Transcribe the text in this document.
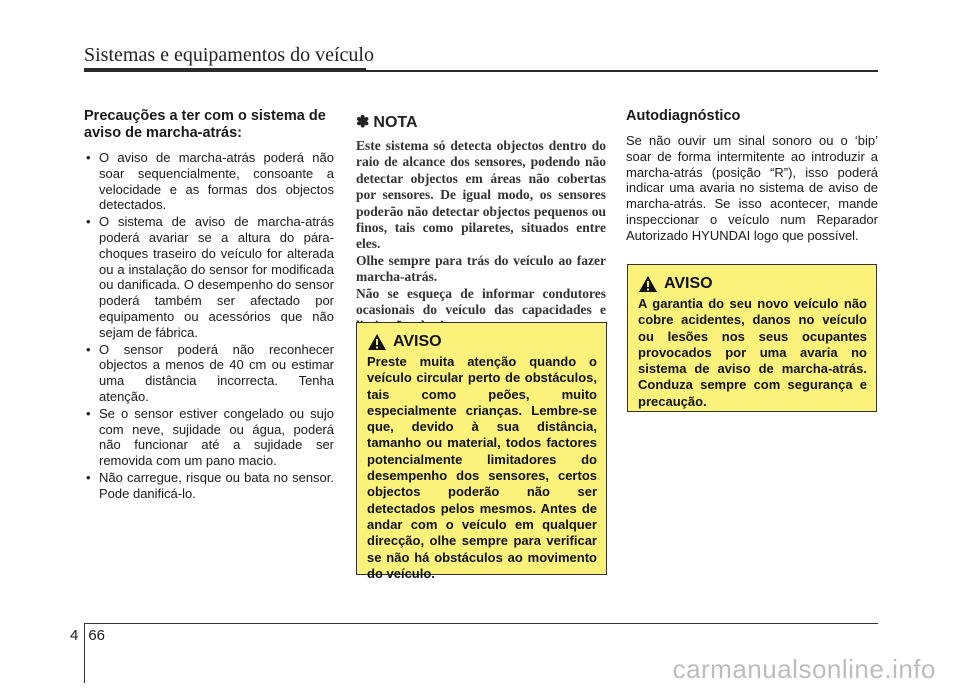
Sistemas e equipamentos do veículo
Precauções a ter com o sistema de aviso de marcha-atrás:
• O aviso de marcha-atrás poderá não soar sequencialmente, consoante a velocidade e as formas dos objectos detectados.
• O sistema de aviso de marcha-atrás poderá avariar se a altura do pára-choques traseiro do veículo for alterada ou a instalação do sensor for modificada ou danificada. O desempenho do sensor poderá também ser afectado por equipamento ou acessórios que não sejam de fábrica.
• O sensor poderá não reconhecer objectos a menos de 40 cm ou estimar uma distância incorrecta. Tenha atenção.
• Se o sensor estiver congelado ou sujo com neve, sujidade ou água, poderá não funcionar até a sujidade ser removida com um pano macio.
• Não carregue, risque ou bata no sensor. Pode danificá-lo.
✽ NOTA

Este sistema só detecta objectos dentro do raio de alcance dos sensores, podendo não detectar objectos em áreas não cobertas por sensores. De igual modo, os sensores poderão não detectar objectos pequenos ou finos, tais como pilaretes, situados entre eles.

Olhe sempre para trás do veículo ao fazer marcha-atrás.

Não se esqueça de informar condutores ocasionais do veículo das capacidades e

AVISO

Preste muita atenção quando o veículo circular perto de obstáculos, tais como peões, muito especialmente crianças. Lembre-se que, devido à sua distância, tamanho ou material, todos factores potencialmente limitadores do desempenho dos sensores, certos objectos poderão não ser detectados pelos mesmos. Antes de andar com o veículo em qualquer direcção, olhe sempre para verificar se não há obstáculos ao movimento do veículo.

Autodiagnóstico

Se não ouvir um sinal sonoro ou o ‘bip’ soar de forma intermitente ao introduzir a marcha-atrás (posição “R”), isso poderá indicar uma avaria no sistema de aviso de marcha-atrás. Se isso acontecer, mande inspeccionar o veículo num Reparador Autorizado HYUNDAI logo que possível.

AVISO

A garantia do seu novo veículo não cobre acidentes, danos no veículo ou lesões nos seus ocupantes provocados por uma avaria no sistema de aviso de marcha-atrás. Conduza sempre com segurança e precaução.

4 66
carmanualsonline.info
